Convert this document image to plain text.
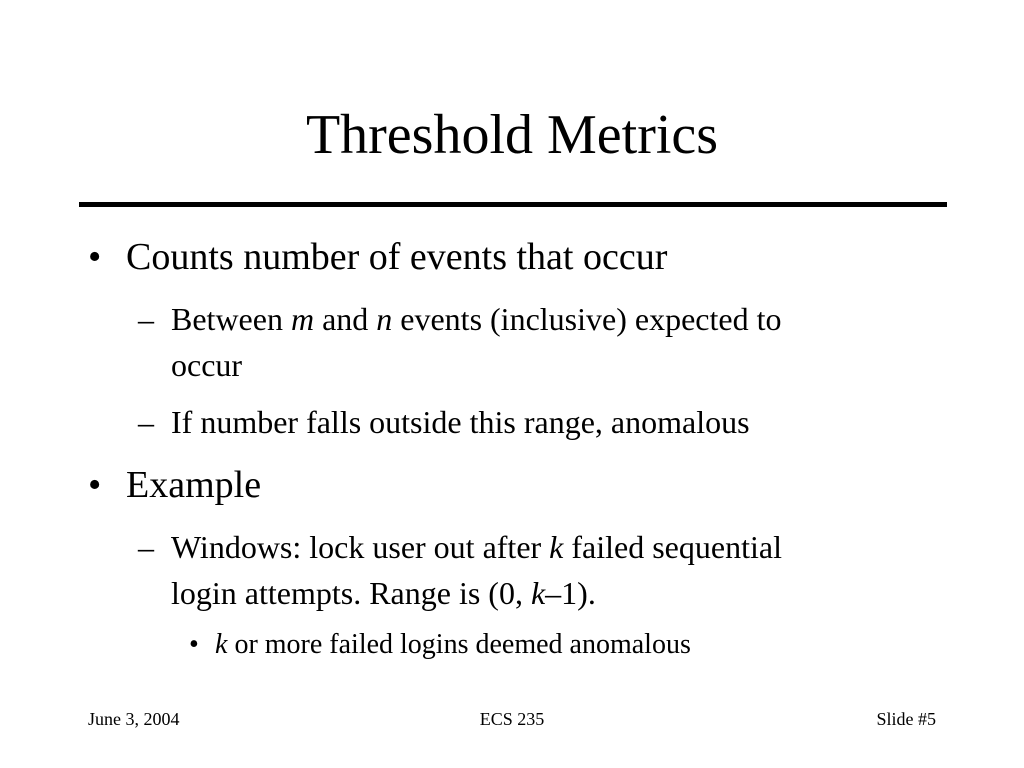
Threshold Metrics
• Counts number of events that occur
– Between m and n events (inclusive) expected to
occur
– If number falls outside this range, anomalous
• Example
– Windows: lock user out after k failed sequential
login attempts. Range is (0, k–1).
• k or more failed logins deemed anomalous
June 3, 2004	ECS 235	Slide #5
